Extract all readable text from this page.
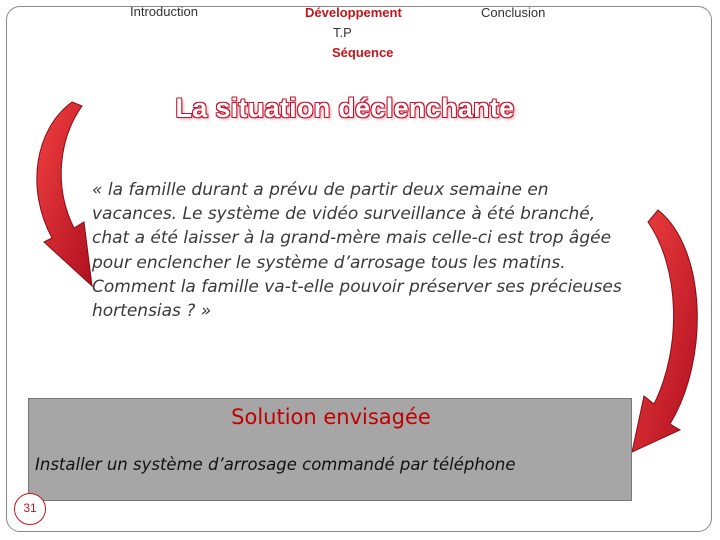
Introduction	Développement	Conclusion
T.P
Séquence
La situation déclenchante

« la famille durant a prévu de partir deux semaine en vacances. Le système de vidéo surveillance à été branché, chat a été laisser à la grand-mère mais celle-ci est trop âgée pour enclencher le système d’arrosage tous les matins. Comment la famille va-t-elle pouvoir préserver ses précieuses hortensias ? »

Solution envisagée
Installer un système d’arrosage commandé par téléphone
31
